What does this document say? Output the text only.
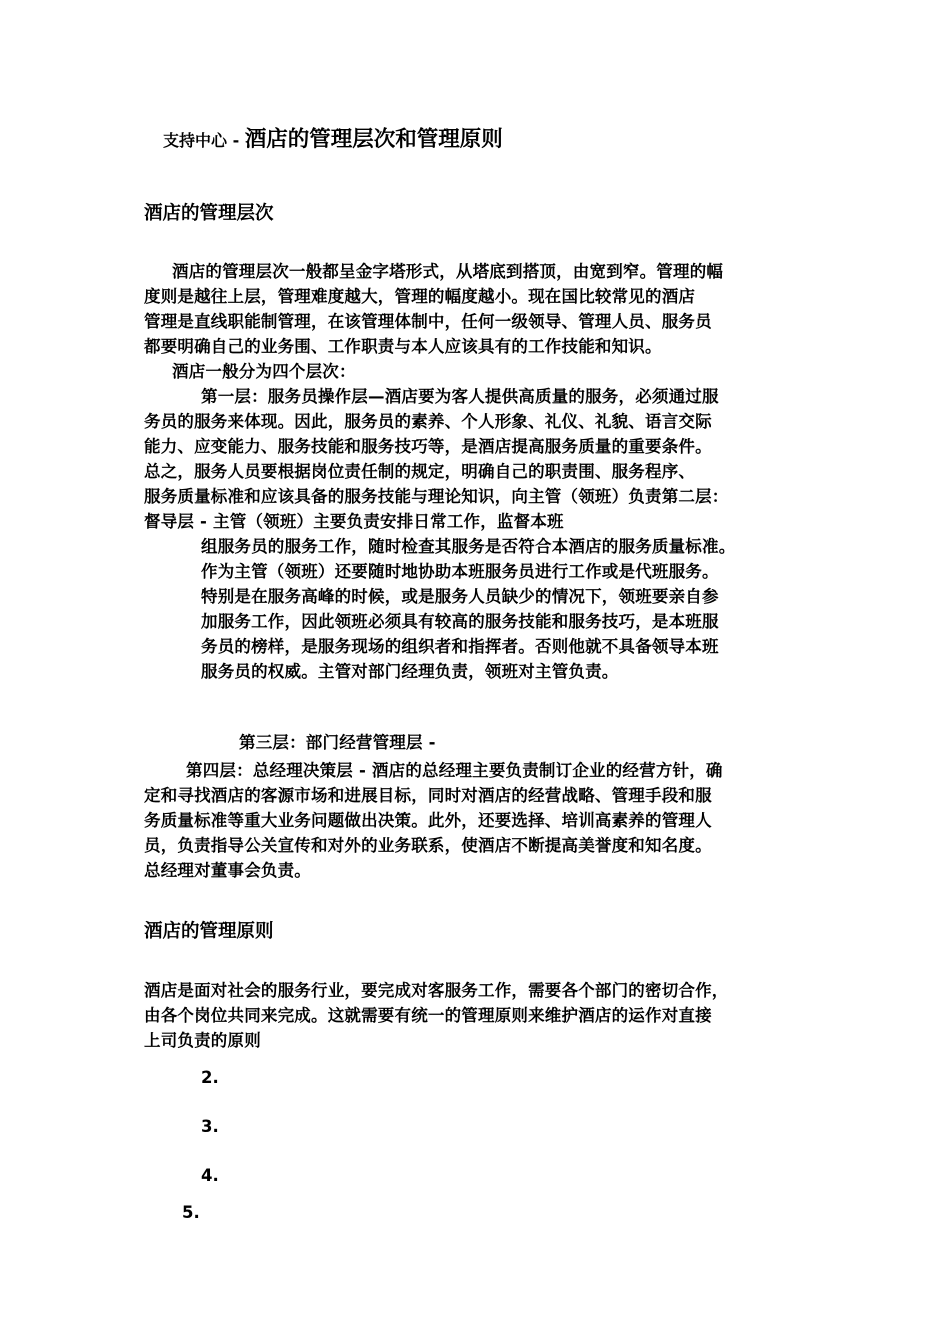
支持中心 - 酒店的管理层次和管理原则
酒店的管理层次
酒店的管理层次一般都呈金字塔形式，从塔底到搭顶，由宽到窄。管理的幅
度则是越往上层，管理难度越大，管理的幅度越小。现在国比较常见的酒店
管理是直线职能制管理，在该管理体制中，任何一级领导、管理人员、服务员
都要明确自己的业务围、工作职责与本人应该具有的工作技能和知识。
酒店一般分为四个层次：
第一层：服务员操作层—酒店要为客人提供高质量的服务，必须通过服
务员的服务来体现。因此，服务员的素养、个人形象、礼仪、礼貌、语言交际
能力、应变能力、服务技能和服务技巧等，是酒店提高服务质量的重要条件。
总之，服务人员要根据岗位责任制的规定，明确自己的职责围、服务程序、
服务质量标准和应该具备的服务技能与理论知识，向主管（领班）负责第二层：
督导层 - 主管（领班）主要负责安排日常工作，监督本班
组服务员的服务工作，随时检查其服务是否符合本酒店的服务质量标准。
作为主管（领班）还要随时地协助本班服务员进行工作或是代班服务。
特别是在服务高峰的时候，或是服务人员缺少的情况下，领班要亲自参
加服务工作，因此领班必须具有较高的服务技能和服务技巧，是本班服
务员的榜样，是服务现场的组织者和指挥者。否则他就不具备领导本班
服务员的权威。主管对部门经理负责，领班对主管负责。
第三层：部门经营管理层 -
第四层：总经理决策层 - 酒店的总经理主要负责制订企业的经营方针，确
定和寻找酒店的客源市场和进展目标，同时对酒店的经营战略、管理手段和服
务质量标准等重大业务问题做出决策。此外，还要选择、培训高素养的管理人
员，负责指导公关宣传和对外的业务联系，使酒店不断提高美誉度和知名度。
总经理对董事会负责。
酒店的管理原则
酒店是面对社会的服务行业，要完成对客服务工作，需要各个部门的密切合作，
由各个岗位共同来完成。这就需要有统一的管理原则来维护酒店的运作对直接
上司负责的原则
2.
3.
4.
5.
